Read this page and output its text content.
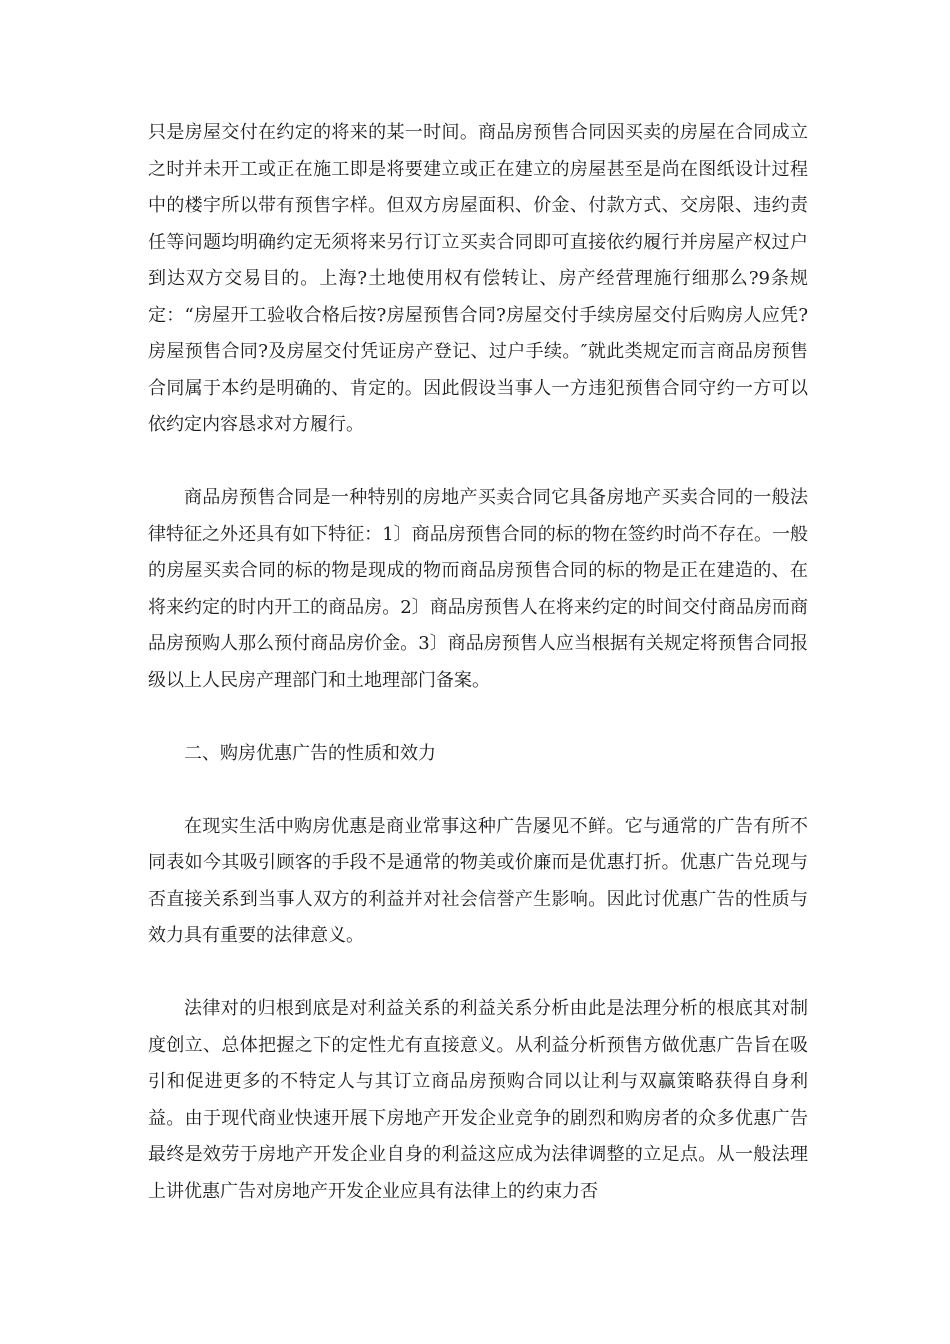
只是房屋交付在约定的将来的某一时间。商品房预售合同因买卖的房屋在合同成立之时并未开工或正在施工即是将要建立或正在建立的房屋甚至是尚在图纸设计过程中的楼宇所以带有预售字样。但双方房屋面积、价金、付款方式、交房限、违约责任等问题均明确约定无须将来另行订立买卖合同即可直接依约履行并房屋产权过户到达双方交易目的。上海?土地使用权有偿转让、房产经营理施行细那么?9条规定：“房屋开工验收合格后按?房屋预售合同?房屋交付手续房屋交付后购房人应凭?房屋预售合同?及房屋交付凭证房产登记、过户手续。″就此类规定而言商品房预售合同属于本约是明确的、肯定的。因此假设当事人一方违犯预售合同守约一方可以依约定内容恳求对方履行。

商品房预售合同是一种特别的房地产买卖合同它具备房地产买卖合同的一般法律特征之外还具有如下特征：1〕商品房预售合同的标的物在签约时尚不存在。一般的房屋买卖合同的标的物是现成的物而商品房预售合同的标的物是正在建造的、在将来约定的时内开工的商品房。2〕商品房预售人在将来约定的时间交付商品房而商品房预购人那么预付商品房价金。3〕商品房预售人应当根据有关规定将预售合同报级以上人民房产理部门和土地理部门备案。

二、购房优惠广告的性质和效力

在现实生活中购房优惠是商业常事这种广告屡见不鲜。它与通常的广告有所不同表如今其吸引顾客的手段不是通常的物美或价廉而是优惠打折。优惠广告兑现与否直接关系到当事人双方的利益并对社会信誉产生影响。因此讨优惠广告的性质与效力具有重要的法律意义。

法律对的归根到底是对利益关系的利益关系分析由此是法理分析的根底其对制度创立、总体把握之下的定性尤有直接意义。从利益分析预售方做优惠广告旨在吸引和促进更多的不特定人与其订立商品房预购合同以让利与双赢策略获得自身利益。由于现代商业快速开展下房地产开发企业竞争的剧烈和购房者的众多优惠广告最终是效劳于房地产开发企业自身的利益这应成为法律调整的立足点。从一般法理上讲优惠广告对房地产开发企业应具有法律上的约束力否
